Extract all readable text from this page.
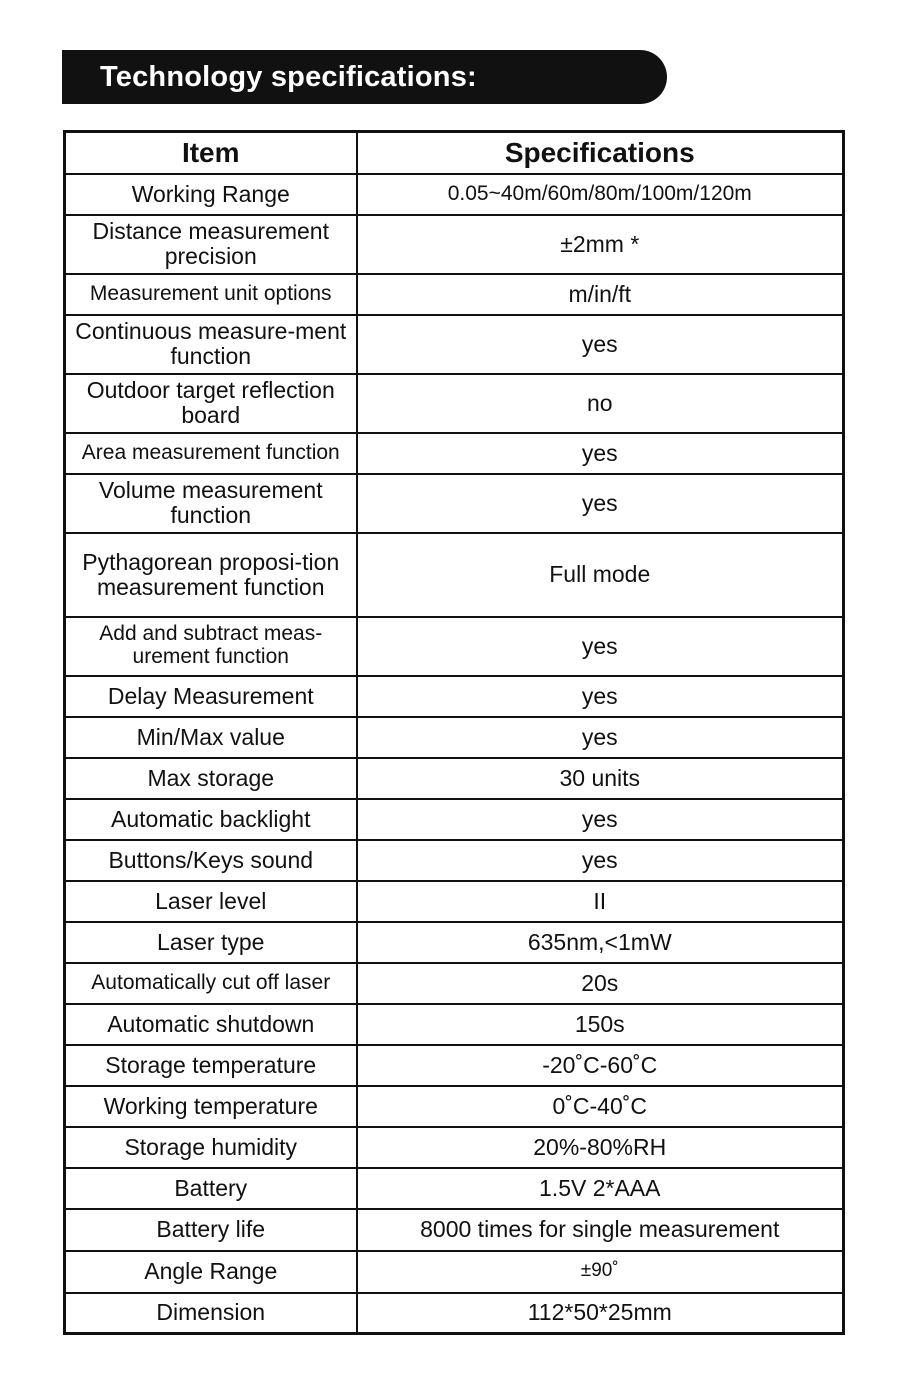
Technology specifications:
Item	Specifications
Working Range	0.05~40m/60m/80m/100m/120m
Distance measurement precision	±2mm *
Measurement unit options	m/in/ft
Continuous measure-ment function	yes
Outdoor target reflection board	no
Area measurement function	yes
Volume measurement function	yes
Pythagorean proposi-tion measurement function	Full mode
Add and subtract meas-urement function	yes
Delay Measurement	yes
Min/Max value	yes
Max storage	30 units
Automatic backlight	yes
Buttons/Keys sound	yes
Laser level	II
Laser type	635nm,<1mW
Automatically cut off laser	20s
Automatic shutdown	150s
Storage temperature	-20˚C-60˚C
Working temperature	0˚C-40˚C
Storage humidity	20%-80%RH
Battery	1.5V 2*AAA
Battery life	8000 times for single measurement
Angle Range	±90˚
Dimension	112*50*25mm
